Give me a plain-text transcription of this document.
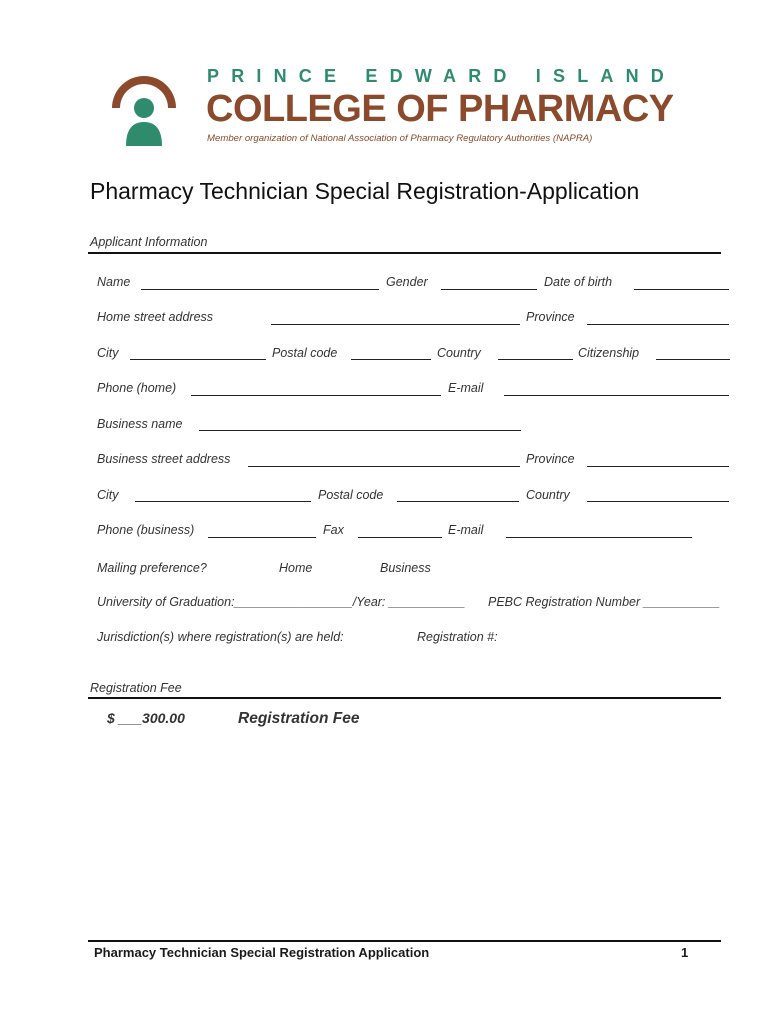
PRINCE EDWARD ISLAND
COLLEGE OF PHARMACY
Member organization of National Association of Pharmacy Regulatory Authorities (NAPRA)
Pharmacy Technician Special Registration-Application
Applicant Information
Name	Gender	Date of birth
Home street address	Province
City	Postal code	Country	Citizenship
Phone (home)	E-mail
Business name
Business street address	Province
City	Postal code	Country
Phone (business)	Fax	E-mail
Mailing preference?	Home	Business
University of Graduation:_________________/Year: ___________ PEBC Registration Number ___________
Jurisdiction(s) where registration(s) are held:	Registration #:
Registration Fee
$ ___300.00	Registration Fee
Pharmacy Technician Special Registration Application	1
